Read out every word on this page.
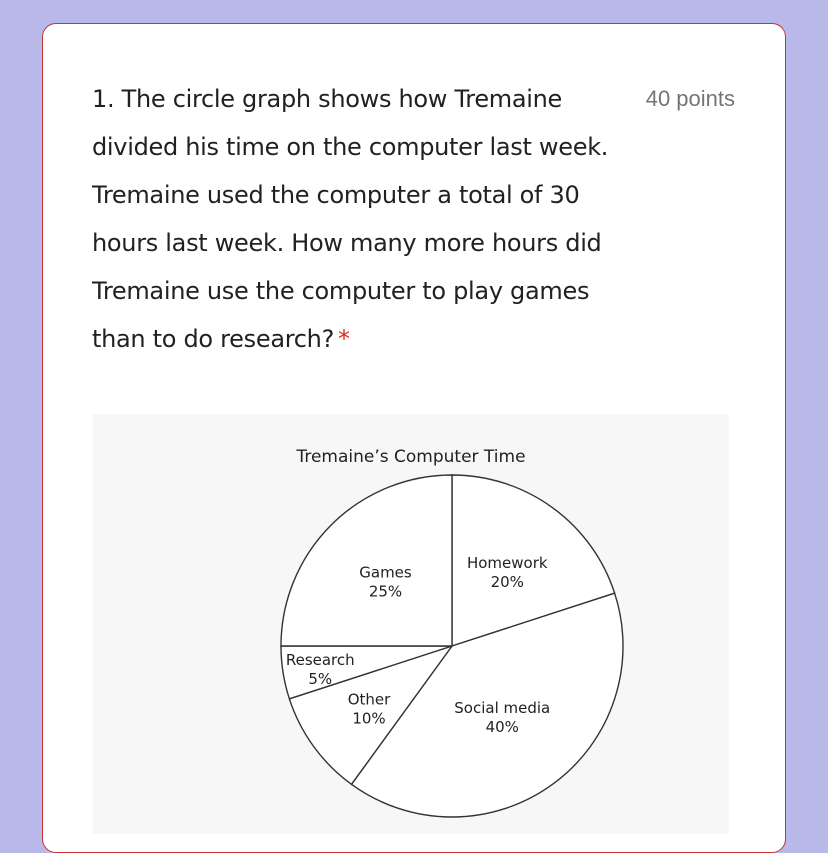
1. The circle graph shows how Tremaine divided his time on the computer last week. Tremaine used the computer a total of 30 hours last week. How many more hours did Tremaine use the computer to play games than to do research? *

40 points

Tremaine’s Computer Time
Homework
20%
Social media
40%
Other
10%
Research
5%
Games
25%
